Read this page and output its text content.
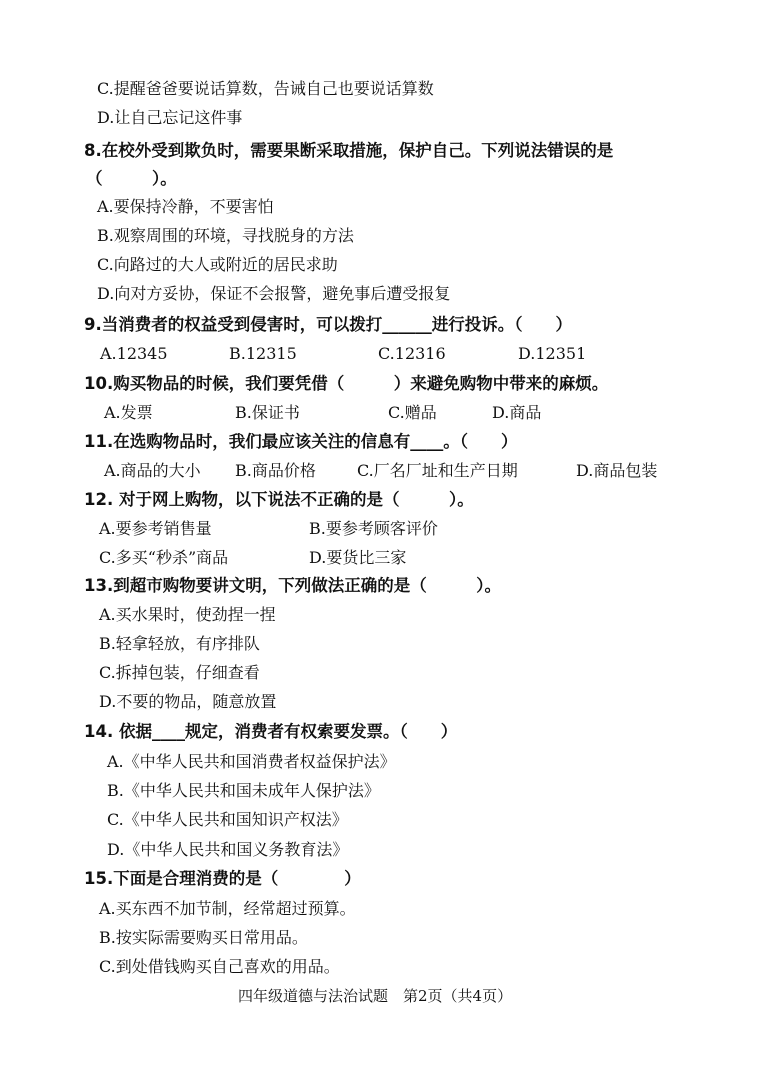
C.提醒爸爸要说话算数，告诫自己也要说话算数
D.让自己忘记这件事
8.在校外受到欺负时，需要果断采取措施，保护自己。下列说法错误的是
（　　　）。
A.要保持冷静，不要害怕
B.观察周围的环境，寻找脱身的方法
C.向路过的大人或附近的居民求助
D.向对方妥协，保证不会报警，避免事后遭受报复
9.当消费者的权益受到侵害时，可以拨打______进行投诉。（　　）
A.12345	B.12315	C.12316	D.12351
10.购买物品的时候，我们要凭借（　　　）来避免购物中带来的麻烦。
A.发票	B.保证书	C.赠品	D.商品
11.在选购物品时，我们最应该关注的信息有____。（　　）
A.商品的大小 B.商品价格	C.厂名厂址和生产日期	D.商品包装
12. 对于网上购物，以下说法不正确的是（　　　）。
A.要参考销售量	B.要参考顾客评价
C.多买“秒杀”商品	D.要货比三家
13.到超市购物要讲文明，下列做法正确的是（　　　）。
A.买水果时，使劲捏一捏
B.轻拿轻放，有序排队
C.拆掉包装，仔细查看
D.不要的物品，随意放置
14. 依据____规定，消费者有权索要发票。（　　）
A.《中华人民共和国消费者权益保护法》
B.《中华人民共和国未成年人保护法》
C.《中华人民共和国知识产权法》
D.《中华人民共和国义务教育法》
15.下面是合理消费的是（　　　　）
A.买东西不加节制，经常超过预算。
B.按实际需要购买日常用品。
C.到处借钱购买自己喜欢的用品。
四年级道德与法治试题　第2页（共4页）
